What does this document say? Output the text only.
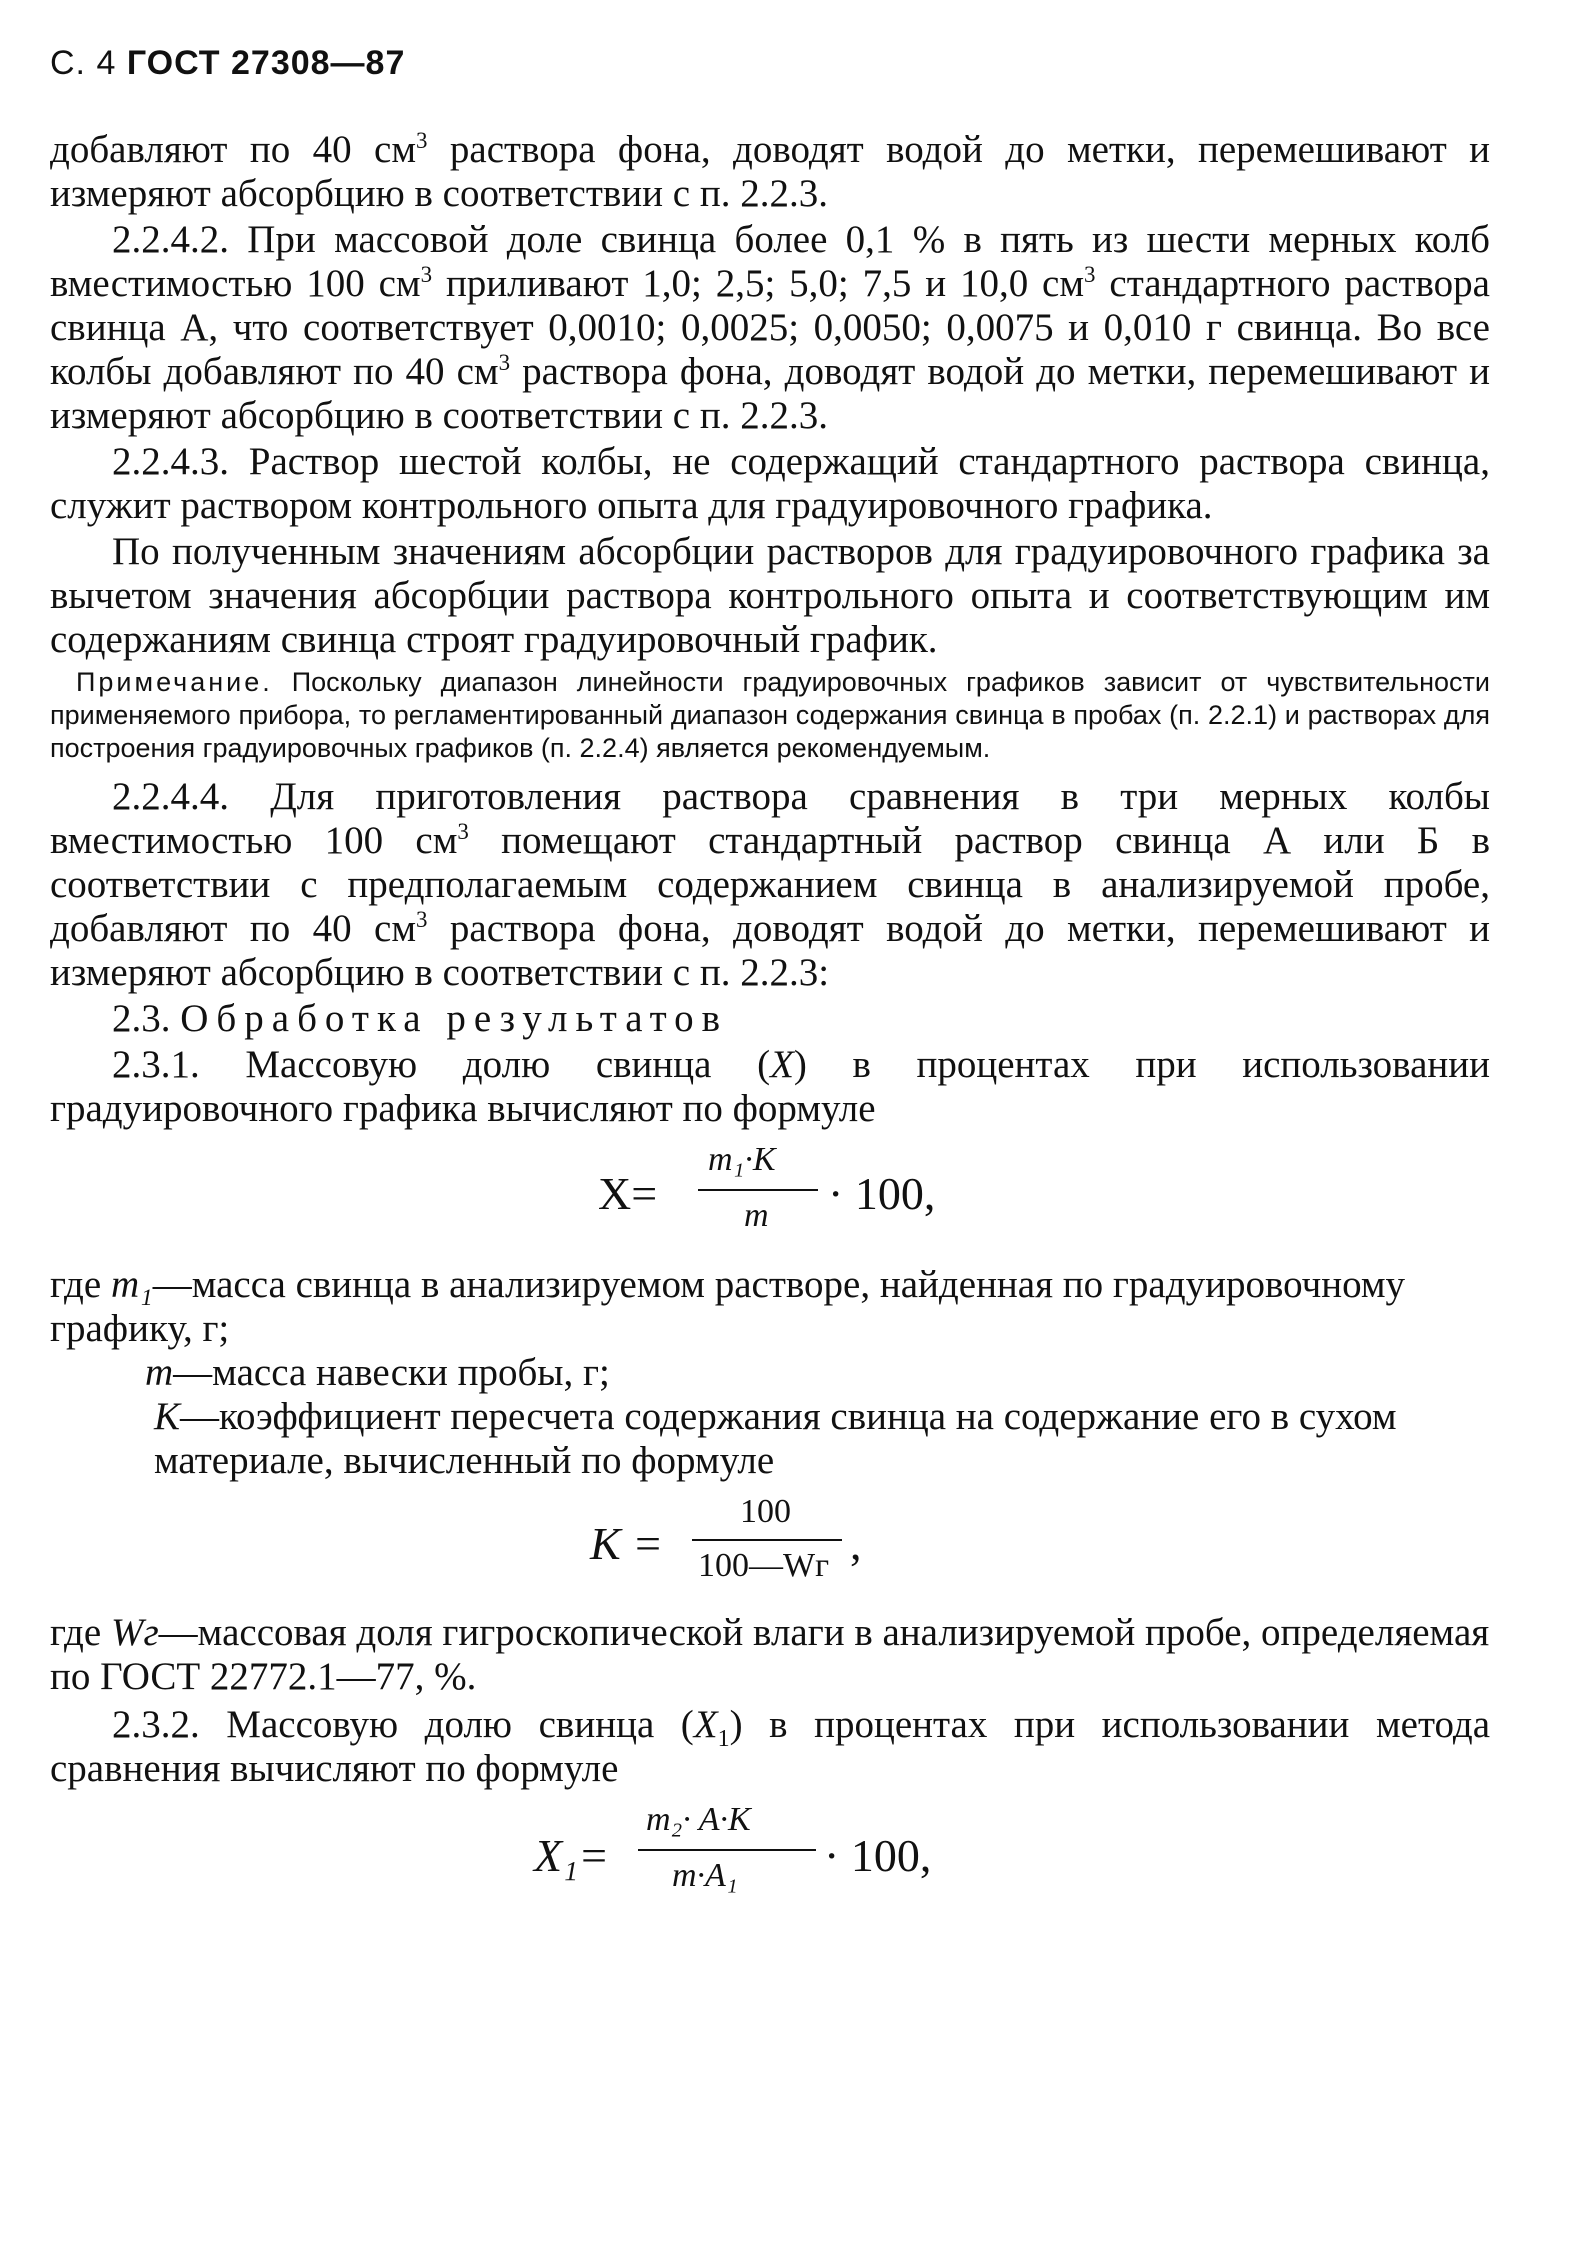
С. 4 ГОСТ 27308—87

добавляют по 40 $см^3$ раствора фона, доводят водой до метки, перемешивают и измеряют абсорбцию в соответствии с п. 2.2.3.

2.2.4.2. При массовой доле свинца более 0,1 % в пять из шести мерных колб вместимостью 100 $см^3$ приливают 1,0; 2,5; 5,0; 7,5 и 10,0 $см^3$ стандартного раствора свинца А, что соответствует 0,0010; 0,0025; 0,0050; 0,0075 и 0,010 г свинца. Во все колбы добавляют по 40 $см^3$ раствора фона, доводят водой до метки, перемешивают и измеряют абсорбцию в соответствии с п. 2.2.3.

2.2.4.3. Раствор шестой колбы, не содержащий стандартного раствора свинца, служит раствором контрольного опыта для градуировочного графика.

По полученным значениям абсорбции растворов для градуировочного графика за вычетом значения абсорбции раствора контрольного опыта и соответствующим им содержаниям свинца строят градуировочный график.

Примечание. Поскольку диапазон линейности градуировочных графиков зависит от чувствительности применяемого прибора, то регламентированный диапазон содержания свинца в пробах (п. 2.2.1) и растворах для построения градуировочных графиков (п. 2.2.4) является рекомендуемым.

2.2.4.4. Для приготовления раствора сравнения в три мерных колбы вместимостью 100 $см^3$ помещают стандартный раствор свинца А или Б в соответствии с предполагаемым содержанием свинца в анализируемой пробе, добавляют по 40 $см^3$ раствора фона, доводят водой до метки, перемешивают и измеряют абсорбцию в соответствии с п. 2.2.3:

2.3. Обработка результатов

2.3.1. Массовую долю свинца (X) в процентах при использовании градуировочного графика вычисляют по формуле

X=
m₁·K
m · 100,
где m₁—масса свинца в анализируемом растворе, найденная по градуировочному графику, г;
m—масса навески пробы, г;
K—коэффициент пересчета содержания свинца на содержание его в сухом материале, вычисленный по формуле
K =
100
100—Wг ,
где Wг—массовая доля гигроскопической влаги в анализируемой пробе, определяемая по ГОСТ 22772.1—77, %.

2.3.2. Массовую долю свинца $(X_1)$ в процентах при использовании метода сравнения вычисляют по формуле

X₁=
m₂· A·K
m·A₁ · 100,
